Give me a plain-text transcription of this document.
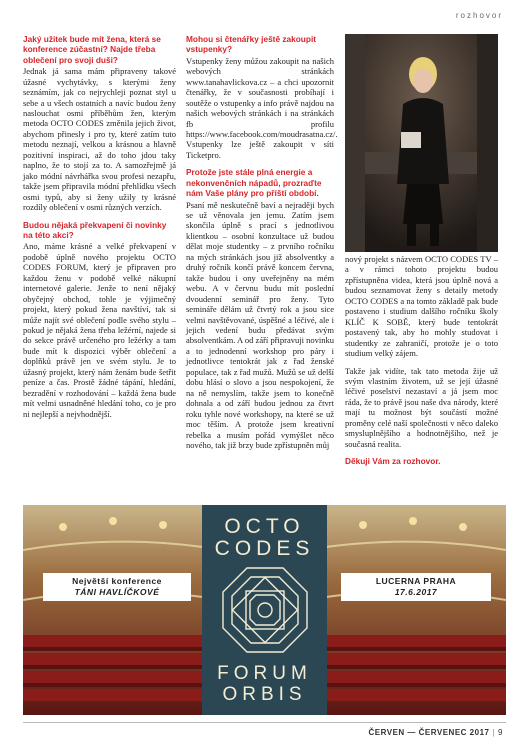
rozhovor
Jaký užitek bude mít žena, která se konference zúčastní? Najde třeba oblečení pro svoji duši?
Jednak já sama mám připraveny takové úžasné vychytávky, s kterými ženy seznámím, jak co nejrychleji poznat styl u sebe a u všech ostatních a navíc budou ženy naslouchat osmi příběhům žen, kterým metoda OCTO CODES změnila jejich život, abychom přinesly i pro ty, které zatím tuto metodu neznají, velkou a krásnou a hlavně pozitivní inspiraci, až do toho jdou taky naplno, že to stojí za to. A samozřejmě já jako módní návrhářka svou profesi nezapřu, takže jsem připravila módní přehlídku všech osmi typů, aby si ženy užily ty krásné rozdíly oblečení v osmi různých verzích.
Budou nějaká překvapení či novinky na této akci?
Ano, máme krásné a velké překvapení v podobě úplně nového projektu OCTO CODES FORUM, který je připraven pro každou ženu v podobě velké nákupní internetové galerie. Jenže to není nějaký obyčejný obchod, tohle je výjimečný projekt, který pokud žena navštíví, tak si může najít své oblečení podle svého stylu – pokud je nějaká žena třeba ležérní, najede si do sekce právě určeného pro ležérky a tam bude mít k dispozici výběr oblečení a doplňků právě jen ve svém stylu. Je to úžasný projekt, který nám ženám bude šetřit peníze a čas. Prostě žádné tápání, hledání, bezradění v rozhodování – každá žena bude mít velmi usnadněné hledání toho, co je pro ni nejlepší a nejvhodnější.
Mohou si čtenářky ještě zakoupit vstupenky?
Vstupenky ženy můžou zakoupit na našich webových stránkách www.tanahavlickova.cz – a chci upozornit čtenářky, že v současnosti probíhají i soutěže o vstupenky a info právě najdou na našich webových stránkách i na stránkách fb profilu https://www.facebook.com/moudrasatna.cz/. Vstupenky lze ještě zakoupit v síti Ticketpro.
Protože jste stále plná energie a nekonvenčních nápadů, prozraďte nám Vaše plány pro příští období.
Psaní mě neskutečně baví a nejraději bych se už věnovala jen jemu. Zatím jsem skončila úplně s prací s jednotlivou klientkou – osobní konzultace už budou dělat moje studentky – z prvního ročníku na mých stránkách jsou již absolventky a druhý ročník končí právě koncem června, takže budou i ony uveřejněny na mém webu. A v červnu budu mít poslední dvoudenní seminář pro ženy. Tyto semináře dělám už čtvrtý rok a jsou sice velmi navštěvované, úspěšné a léčivé, ale i jejich vedení budu předávat svým absolventkám. A od září připravuji novinku a to jednodenní workshop pro páry i jednotlivce tentokrát jak z řad ženské populace, tak z řad mužů. Mužů se už delší dobu hlásí o slovo a jsou nespokojení, že na ně nemyslím, takže jsem to konečně dohnala a od září budou jednou za čtvrt roku tyhle nové workshopy, na které se už moc těším. A protože jsem kreativní rebelka a musím pořád vymýšlet něco nového, tak již brzy bude zpřístupněn můj
nový projekt s názvem OCTO CODES TV – a v rámci tohoto projektu budou zpřístupněna videa, která jsou úplně nová a budou seznamovat ženy s detaily metody OCTO CODES a na tomto základě pak bude postaveno i studium dalšího ročníku školy KLÍČ K SOBĚ, který bude tentokrát postavený tak, aby ho mohly studovat i studentky ze zahraničí, protože je o toto studium velký zájem.
Takže jak vidíte, tak tato metoda žije už svým vlastním životem, už se její úžasné léčivé poselství nezastaví a já jsem moc ráda, že to právě jsou naše dva národy, které mají tu možnost být součástí možné proměny celé naší společnosti v něco daleko smysluplnějšího a hodnotnějšího, než je současná realita.
Děkuji Vám za rozhovor.
Největší konference
TÁNI HAVLÍČKOVÉ
LUCERNA PRAHA
17.6.2017
OCTO
CODES
FORUM
ORBIS
ČERVEN — ČERVENEC 2017 | 9
